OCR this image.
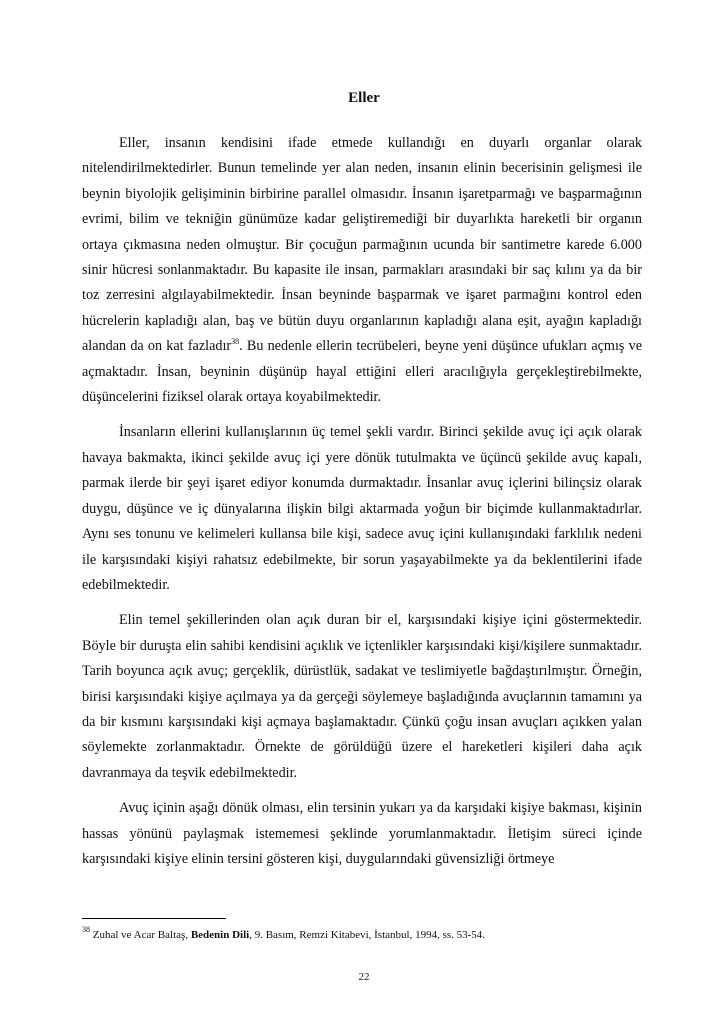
Eller

Eller, insanın kendisini ifade etmede kullandığı en duyarlı organlar olarak nitelendirilmektedirler. Bunun temelinde yer alan neden, insanın elinin becerisinin gelişmesi ile beynin biyolojik gelişiminin birbirine parallel olmasıdır. İnsanın işaretparmağı ve başparmağının evrimi, bilim ve tekniğin günümüze kadar geliştiremediği bir duyarlıkta hareketli bir organın ortaya çıkmasına neden olmuştur. Bir çocuğun parmağının ucunda bir santimetre karede 6.000 sinir hücresi sonlanmaktadır. Bu kapasite ile insan, parmakları arasındaki bir saç kılını ya da bir toz zerresini algılayabilmektedir. İnsan beyninde başparmak ve işaret parmağını kontrol eden hücrelerin kapladığı alan, baş ve bütün duyu organlarının kapladığı alana eşit, ayağın kapladığı alandan da on kat fazladır$^{38}$. Bu nedenle ellerin tecrübeleri, beyne yeni düşünce ufukları açmış ve açmaktadır. İnsan, beyninin düşünüp hayal ettiğini elleri aracılığıyla gerçekleştirebilmekte, düşüncelerini fiziksel olarak ortaya koyabilmektedir.

İnsanların ellerini kullanışlarının üç temel şekli vardır. Birinci şekilde avuç içi açık olarak havaya bakmakta, ikinci şekilde avuç içi yere dönük tutulmakta ve üçüncü şekilde avuç kapalı, parmak ilerde bir şeyi işaret ediyor konumda durmaktadır. İnsanlar avuç içlerini bilinçsiz olarak duygu, düşünce ve iç dünyalarına ilişkin bilgi aktarmada yoğun bir biçimde kullanmaktadırlar. Aynı ses tonunu ve kelimeleri kullansa bile kişi, sadece avuç içini kullanışındaki farklılık nedeni ile karşısındaki kişiyi rahatsız edebilmekte, bir sorun yaşayabilmekte ya da beklentilerini ifade edebilmektedir.

Elin temel şekillerinden olan açık duran bir el, karşısındaki kişiye içini göstermektedir. Böyle bir duruşta elin sahibi kendisini açıklık ve içtenlikler karşısındaki kişi/kişilere sunmaktadır. Tarih boyunca açık avuç; gerçeklik, dürüstlük, sadakat ve teslimiyetle bağdaştırılmıştır. Örneğin, birisi karşısındaki kişiye açılmaya ya da gerçeği söylemeye başladığında avuçlarının tamamını ya da bir kısmını karşısındaki kişi açmaya başlamaktadır. Çünkü çoğu insan avuçları açıkken yalan söylemekte zorlanmaktadır. Örnekte de görüldüğü üzere el hareketleri kişileri daha açık davranmaya da teşvik edebilmektedir.

Avuç içinin aşağı dönük olması, elin tersinin yukarı ya da karşıdaki kişiye bakması, kişinin hassas yönünü paylaşmak istememesi şeklinde yorumlanmaktadır. İletişim süreci içinde karşısındaki kişiye elinin tersini gösteren kişi, duygularındaki güvensizliği örtmeye

$^{38}$ Zuhal ve Acar Baltaş, Bedenin Dili, 9. Basım, Remzi Kitabevi, İstanbul, 1994, ss. 53-54.
22
